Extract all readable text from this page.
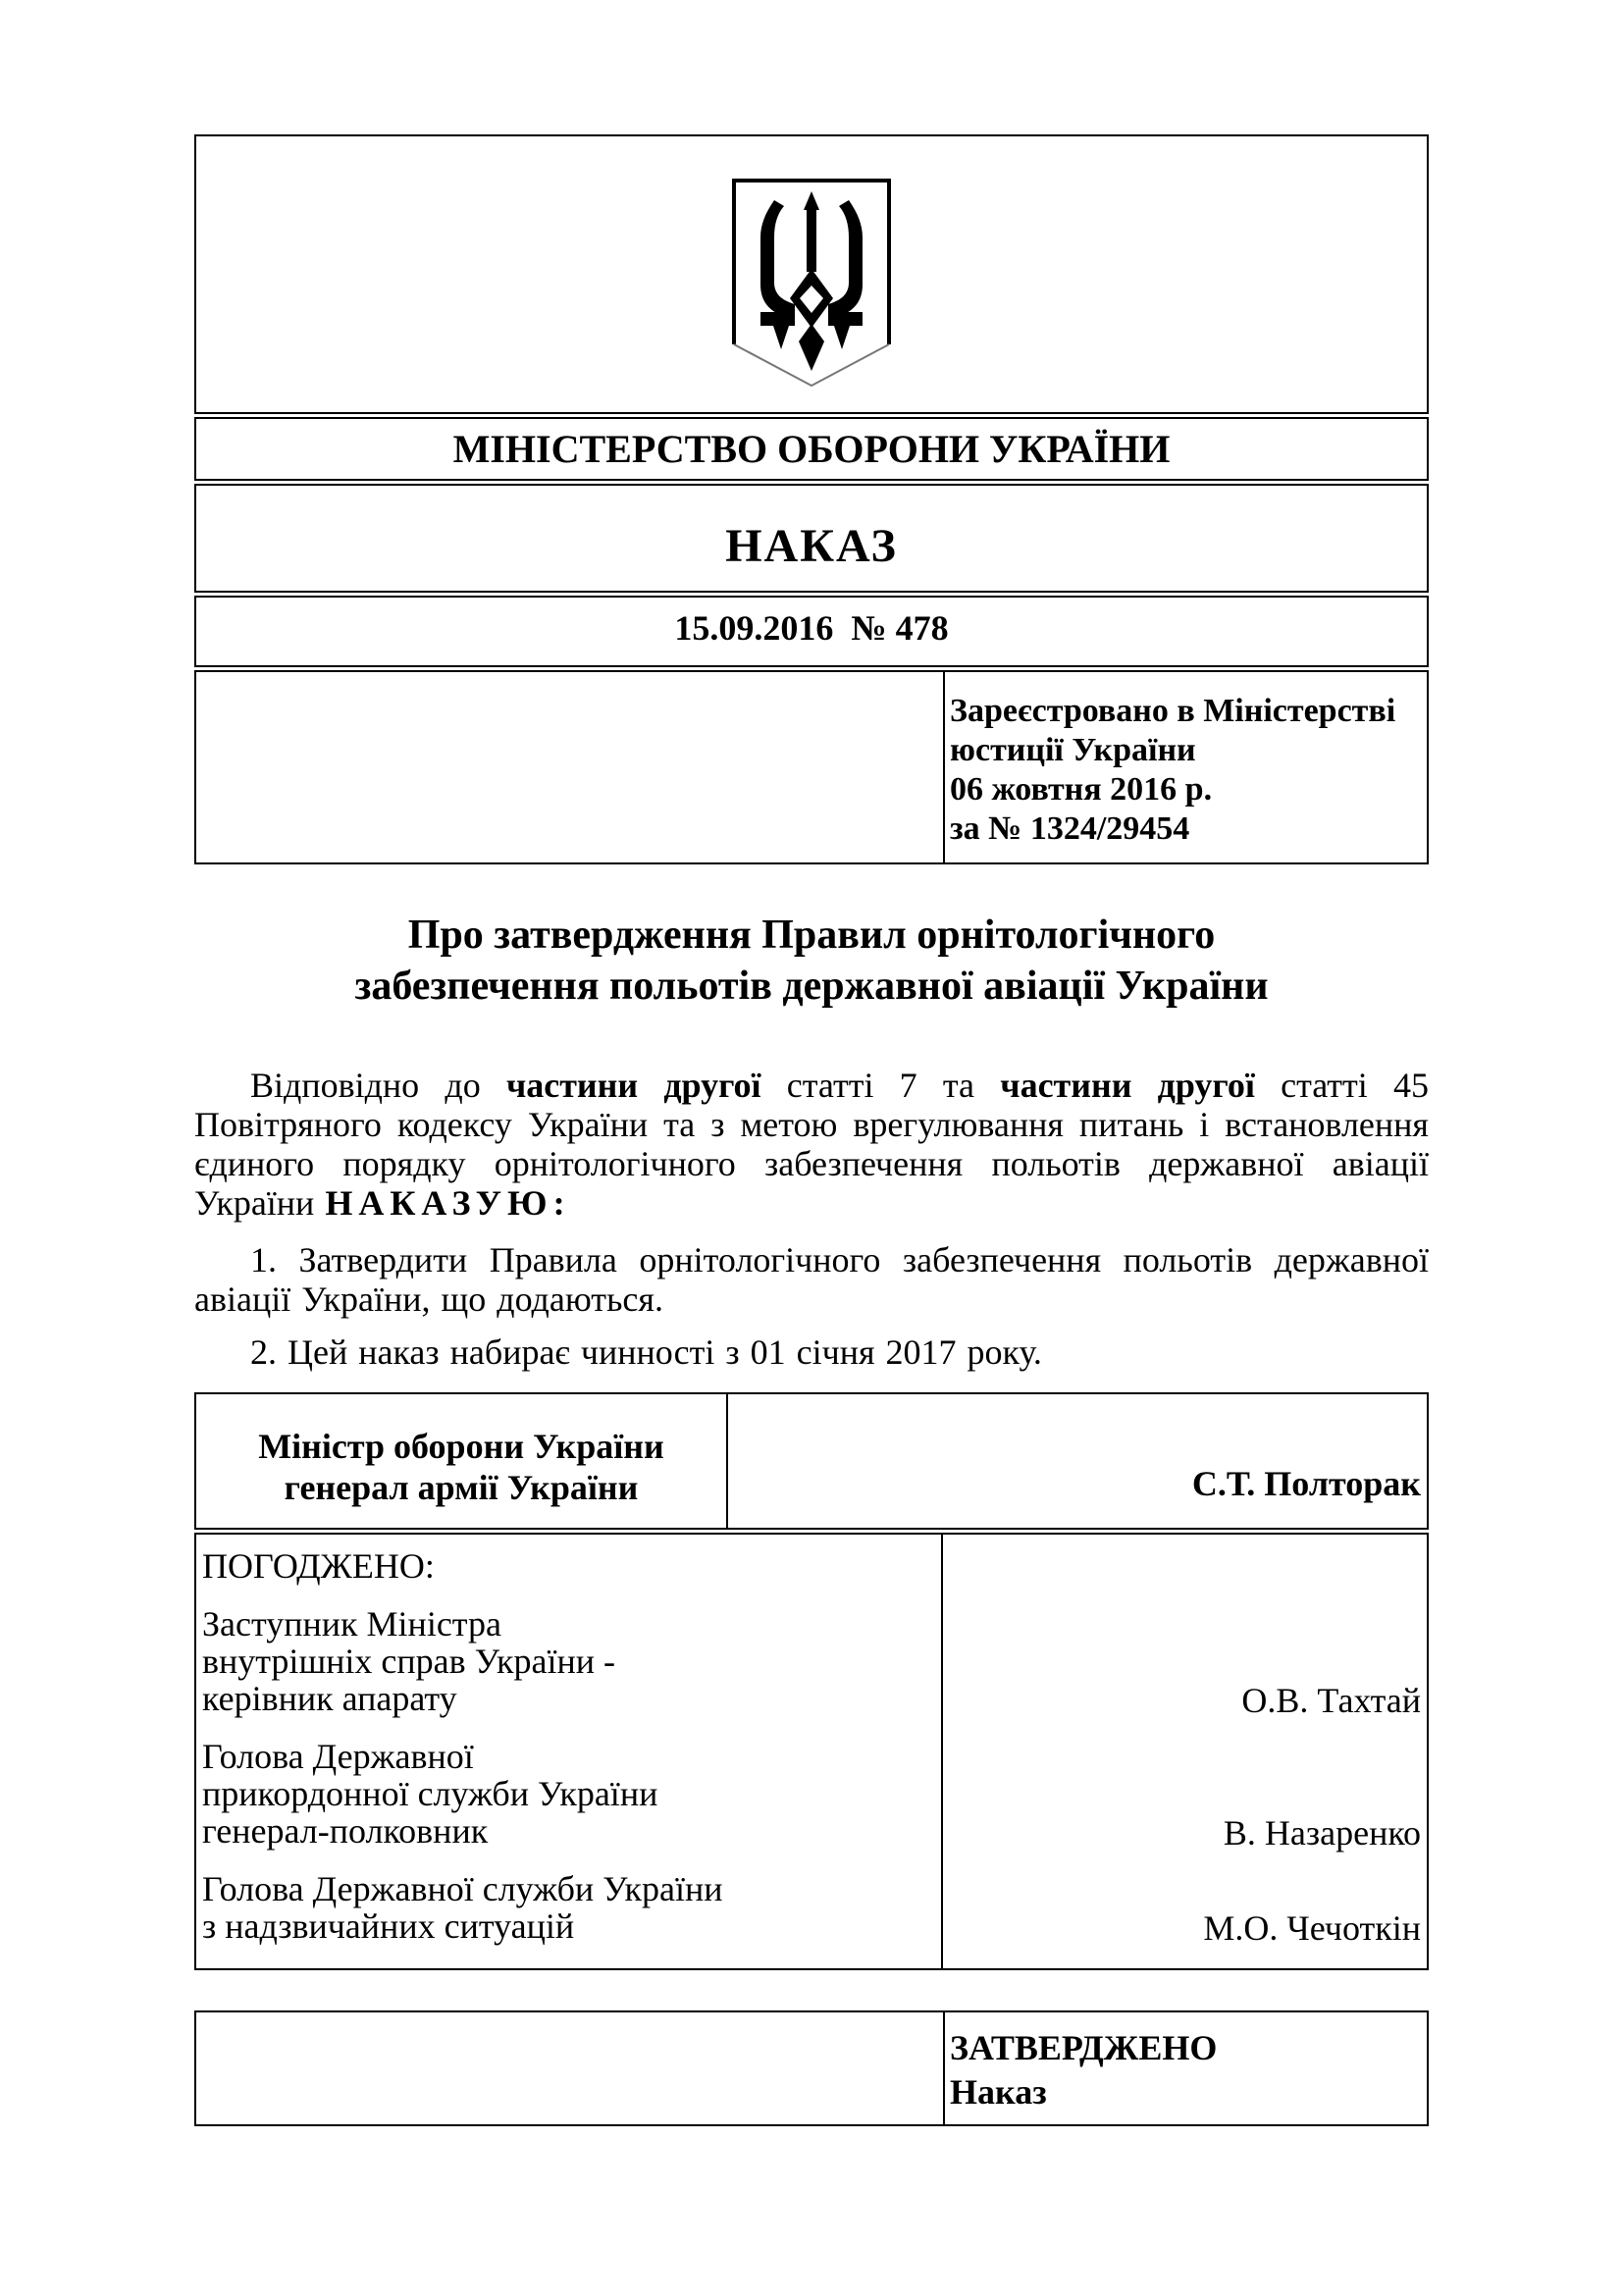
МІНІСТЕРСТВО ОБОРОНИ УКРАЇНИ
НАКАЗ
15.09.2016  № 478
Зареєстровано в Міністерстві
юстиції України
06 жовтня 2016 р.
за № 1324/29454
Про затвердження Правил орнітологічного
забезпечення польотів державної авіації України

Відповідно до частини другої статті 7 та частини другої статті 45 Повітряного кодексу України та з метою врегулювання питань і встановлення єдиного порядку орнітологічного забезпечення польотів державної авіації України НАКАЗУЮ:

1. Затвердити Правила орнітологічного забезпечення польотів державної авіації України, що додаються.

2. Цей наказ набирає чинності з 01 січня 2017 року.

Міністр оборони України
генерал армії України	С.Т. Полторак
ПОГОДЖЕНО:
Заступник Міністра
внутрішніх справ України -
керівник апарату
Голова Державної
прикордонної служби України
генерал-полковник
Голова Державної служби України
з надзвичайних ситуацій
О.В. Тахтай
В. Назаренко
М.О. Чечоткін
ЗАТВЕРДЖЕНО
Наказ
